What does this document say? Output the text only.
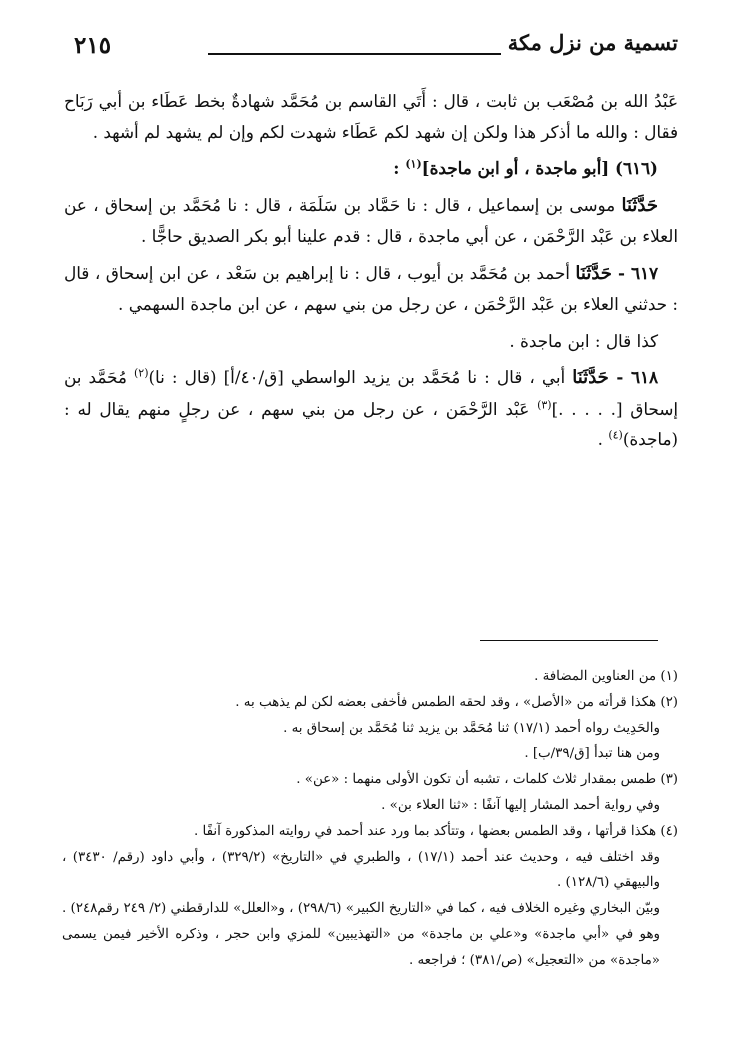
٢١٥	تسمية من نزل مكة

عَبْدُ الله بن مُصْعَب بن ثابت ، قال : أَتَي القاسم بن مُحَمَّد شهادةٌ بخط عَطَاء بن أبي رَبَاح فقال : والله ما أذكر هذا ولكن إن شهد لكم عَطَاء شهدت لكم وإن لم يشهد لم أشهد .

(٦١٦) [أبو ماجدة ، أو ابن ماجدة]$^{(١)}$ :

حَدَّثَنَا موسى بن إسماعيل ، قال : نا حَمَّاد بن سَلَمَة ، قال : نا مُحَمَّد بن إسحاق ، عن العلاء بن عَبْد الرَّحْمَن ، عن أبي ماجدة ، قال : قدم علينا أبو بكر الصديق حاجًّا .

٦١٧ - حَدَّثَنَا أحمد بن مُحَمَّد بن أيوب ، قال : نا إبراهيم بن سَعْد ، عن ابن إسحاق ، قال : حدثني العلاء بن عَبْد الرَّحْمَن ، عن رجل من بني سهم ، عن ابن ماجدة السهمي .

كذا قال : ابن ماجدة .

٦١٨ - حَدَّثَنَا أبي ، قال : نا مُحَمَّد بن يزيد الواسطي [ق/٤٠/أ] (قال : نا)$^{(٢)}$ مُحَمَّد بن إسحاق [. . . . .]$^{(٣)}$ عَبْد الرَّحْمَن ، عن رجل من بني سهم ، عن رجلٍ منهم يقال له : (ماجدة)$^{(٤)}$ .

(١) من العناوين المضافة .

(٢) هكذا قرأته من «الأصل» ، وقد لحقه الطمس فأخفى بعضه لكن لم يذهب به .

والحَدِيث رواه أحمد (١٧/١) ثنا مُحَمَّد بن يزيد ثنا مُحَمَّد بن إسحاق به .

ومن هنا تبدأ [ق/٣٩/ب] .

(٣) طمس بمقدار ثلاث كلمات ، تشبه أن تكون الأولى منهما : «عن» .

وفي رواية أحمد المشار إليها آنفًا : «ثنا العلاء بن» .

(٤) هكذا قرأتها ، وقد الطمس بعضها ، وتتأكد بما ورد عند أحمد في روايته المذكورة آنفًا .

وقد اختلف فيه ، وحديث عند أحمد (١٧/١) ، والطبري في «التاريخ» (٣٢٩/٢) ، وأبي داود (رقم/ ٣٤٣٠) ، والبيهقي (١٢٨/٦) .

وبيّن البخاري وغيره الخلاف فيه ، كما في «التاريخ الكبير» (٢٩٨/٦) ، و«العلل» للدارقطني (٢/ ٢٤٩ رقم٢٤٨) . وهو في «أبي ماجدة» و«علي بن ماجدة» من «التهذيبين» للمزي وابن حجر ، وذكره الأخير فيمن يسمى «ماجدة» من «التعجيل» (ص/٣٨١) ؛ فراجعه .
